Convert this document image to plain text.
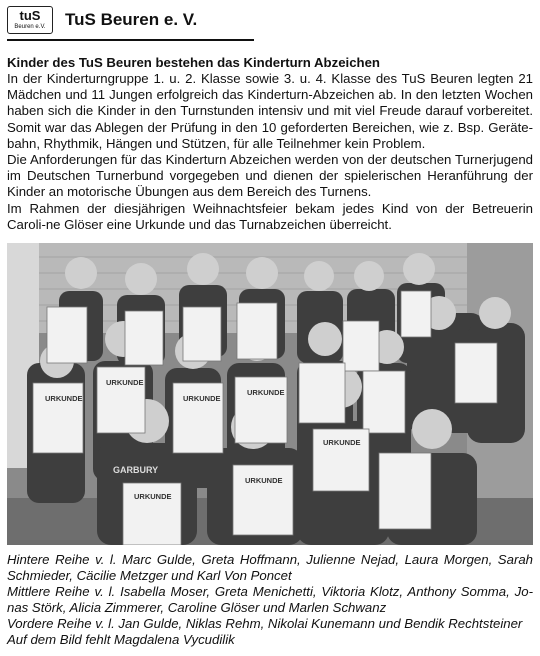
tuS
Beuren e.V.	TuS Beuren e. V.

Kinder des TuS Beuren bestehen das Kinderturn Abzeichen

In der Kinderturngruppe 1. u. 2. Klasse sowie 3. u. 4. Klasse des TuS Beuren legten 21 Mädchen und 11 Jungen erfolgreich das Kinderturn-Abzeichen ab. In den letzten Wochen haben sich die Kinder in den Turnstunden intensiv und mit viel Freude darauf vorbereitet. Somit war das Ablegen der Prüfung in den 10 geforderten Bereichen, wie z. Bsp. Geräte-bahn, Rhythmik, Hängen und Stützen, für alle Teilnehmer kein Problem.

Die Anforderungen für das Kinderturn Abzeichen werden von der deutschen Turnerjugend im Deutschen Turnerbund vorgegeben und dienen der spielerischen Heranführung der Kinder an motorische Übungen aus dem Bereich des Turnens.

Im Rahmen der diesjährigen Weihnachtsfeier bekam jedes Kind von der Betreuerin Caroli-ne Glöser eine Urkunde und das Turnabzeichen überreicht.

URKUNDE
URKUNDE
URKUNDE
URKUNDE
URKUNDE
URKUNDE
URKUNDE
GARBURY

Hintere Reihe v. l. Marc Gulde, Greta Hoffmann, Julienne Nejad, Laura Morgen, Sarah Schmieder, Cäcilie Metzger und Karl Von Poncet

Mittlere Reihe v. l. Isabella Moser, Greta Menichetti, Viktoria Klotz, Anthony Somma, Jo-nas Störk, Alicia Zimmerer, Caroline Glöser und Marlen Schwanz

Vordere Reihe v. l. Jan Gulde, Niklas Rehm, Nikolai Kunemann und Bendik Rechtsteiner

Auf dem Bild fehlt Magdalena Vycudilik
